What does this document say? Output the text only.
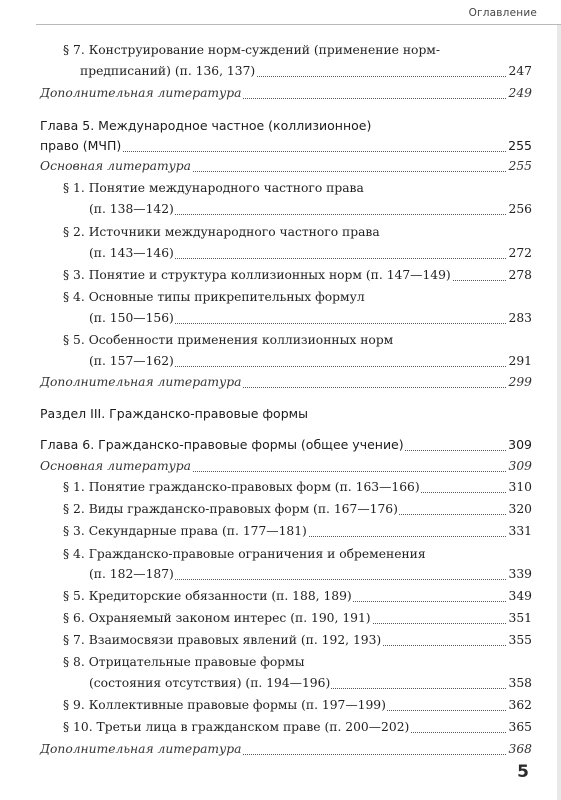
Оглавление
§ 7. Конструирование норм-суждений (применение норм-
предписаний) (п. 136, 137)	247
Дополнительная литература	249
Глава 5. Международное частное (коллизионное)
право (МЧП)	255
Основная литература	255
§ 1. Понятие международного частного права
(п. 138—142)	256
§ 2. Источники международного частного права
(п. 143—146)	272
§ 3. Понятие и структура коллизионных норм (п. 147—149)	278
§ 4. Основные типы прикрепительных формул
(п. 150—156)	283
§ 5. Особенности применения коллизионных норм
(п. 157—162)	291
Дополнительная литература	299
Раздел III. Гражданско-правовые формы
Глава 6. Гражданско-правовые формы (общее учение)	309
Основная литература	309
§ 1. Понятие гражданско-правовых форм (п. 163—166)	310
§ 2. Виды гражданско-правовых форм (п. 167—176)	320
§ 3. Секундарные права (п. 177—181)	331
§ 4. Гражданско-правовые ограничения и обременения
(п. 182—187)	339
§ 5. Кредиторские обязанности (п. 188, 189)	349
§ 6. Охраняемый законом интерес (п. 190, 191)	351
§ 7. Взаимосвязи правовых явлений (п. 192, 193)	355
§ 8. Отрицательные правовые формы
(состояния отсутствия) (п. 194—196)	358
§ 9. Коллективные правовые формы (п. 197—199)	362
§ 10. Третьи лица в гражданском праве (п. 200—202)	365
Дополнительная литература	368
5
